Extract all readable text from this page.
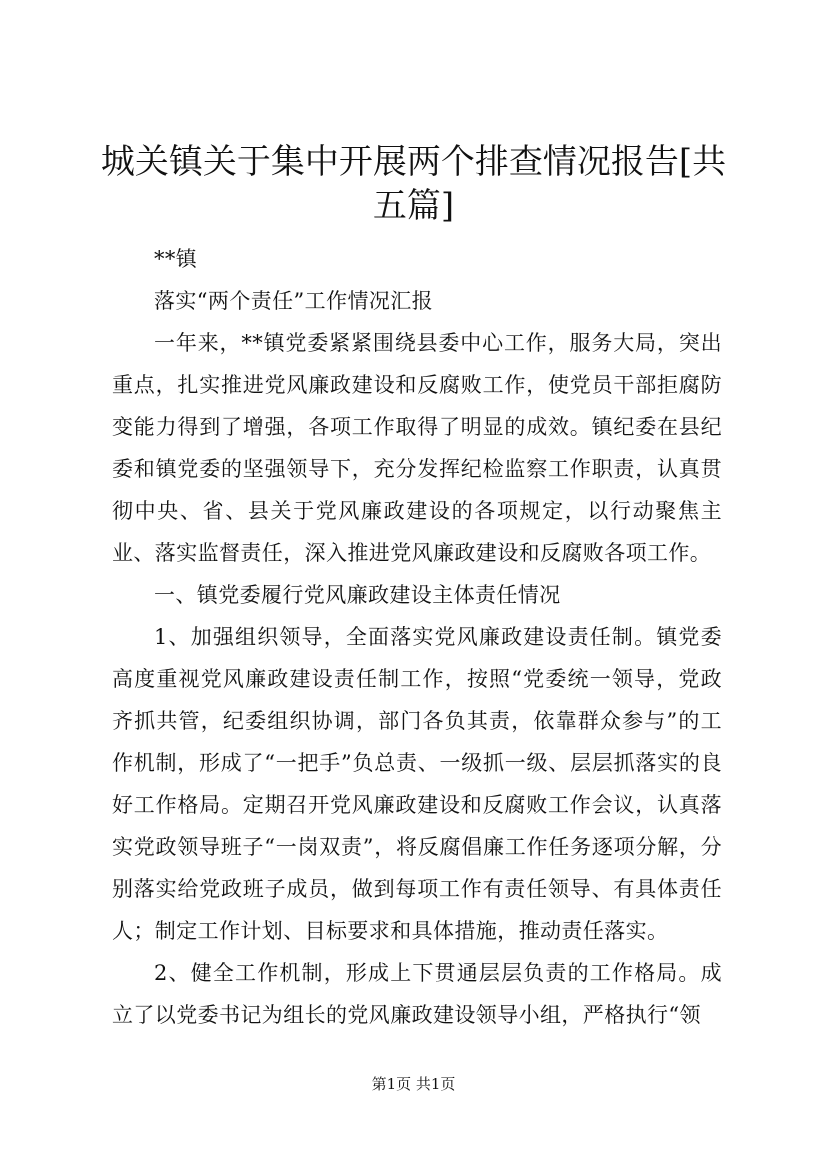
城关镇关于集中开展两个排查情况报告[共五篇]

**镇

落实“两个责任”工作情况汇报

一年来，**镇党委紧紧围绕县委中心工作，服务大局，突出重点，扎实推进党风廉政建设和反腐败工作，使党员干部拒腐防变能力得到了增强，各项工作取得了明显的成效。镇纪委在县纪委和镇党委的坚强领导下，充分发挥纪检监察工作职责，认真贯彻中央、省、县关于党风廉政建设的各项规定，以行动聚焦主业、落实监督责任，深入推进党风廉政建设和反腐败各项工作。

一、镇党委履行党风廉政建设主体责任情况

1、加强组织领导，全面落实党风廉政建设责任制。镇党委高度重视党风廉政建设责任制工作，按照“党委统一领导，党政齐抓共管，纪委组织协调，部门各负其责，依靠群众参与”的工作机制，形成了“一把手”负总责、一级抓一级、层层抓落实的良好工作格局。定期召开党风廉政建设和反腐败工作会议，认真落实党政领导班子“一岗双责”，将反腐倡廉工作任务逐项分解，分别落实给党政班子成员，做到每项工作有责任领导、有具体责任人；制定工作计划、目标要求和具体措施，推动责任落实。

2、健全工作机制，形成上下贯通层层负责的工作格局。成立了以党委书记为组长的党风廉政建设领导小组，严格执行“领

第1页 共1页
